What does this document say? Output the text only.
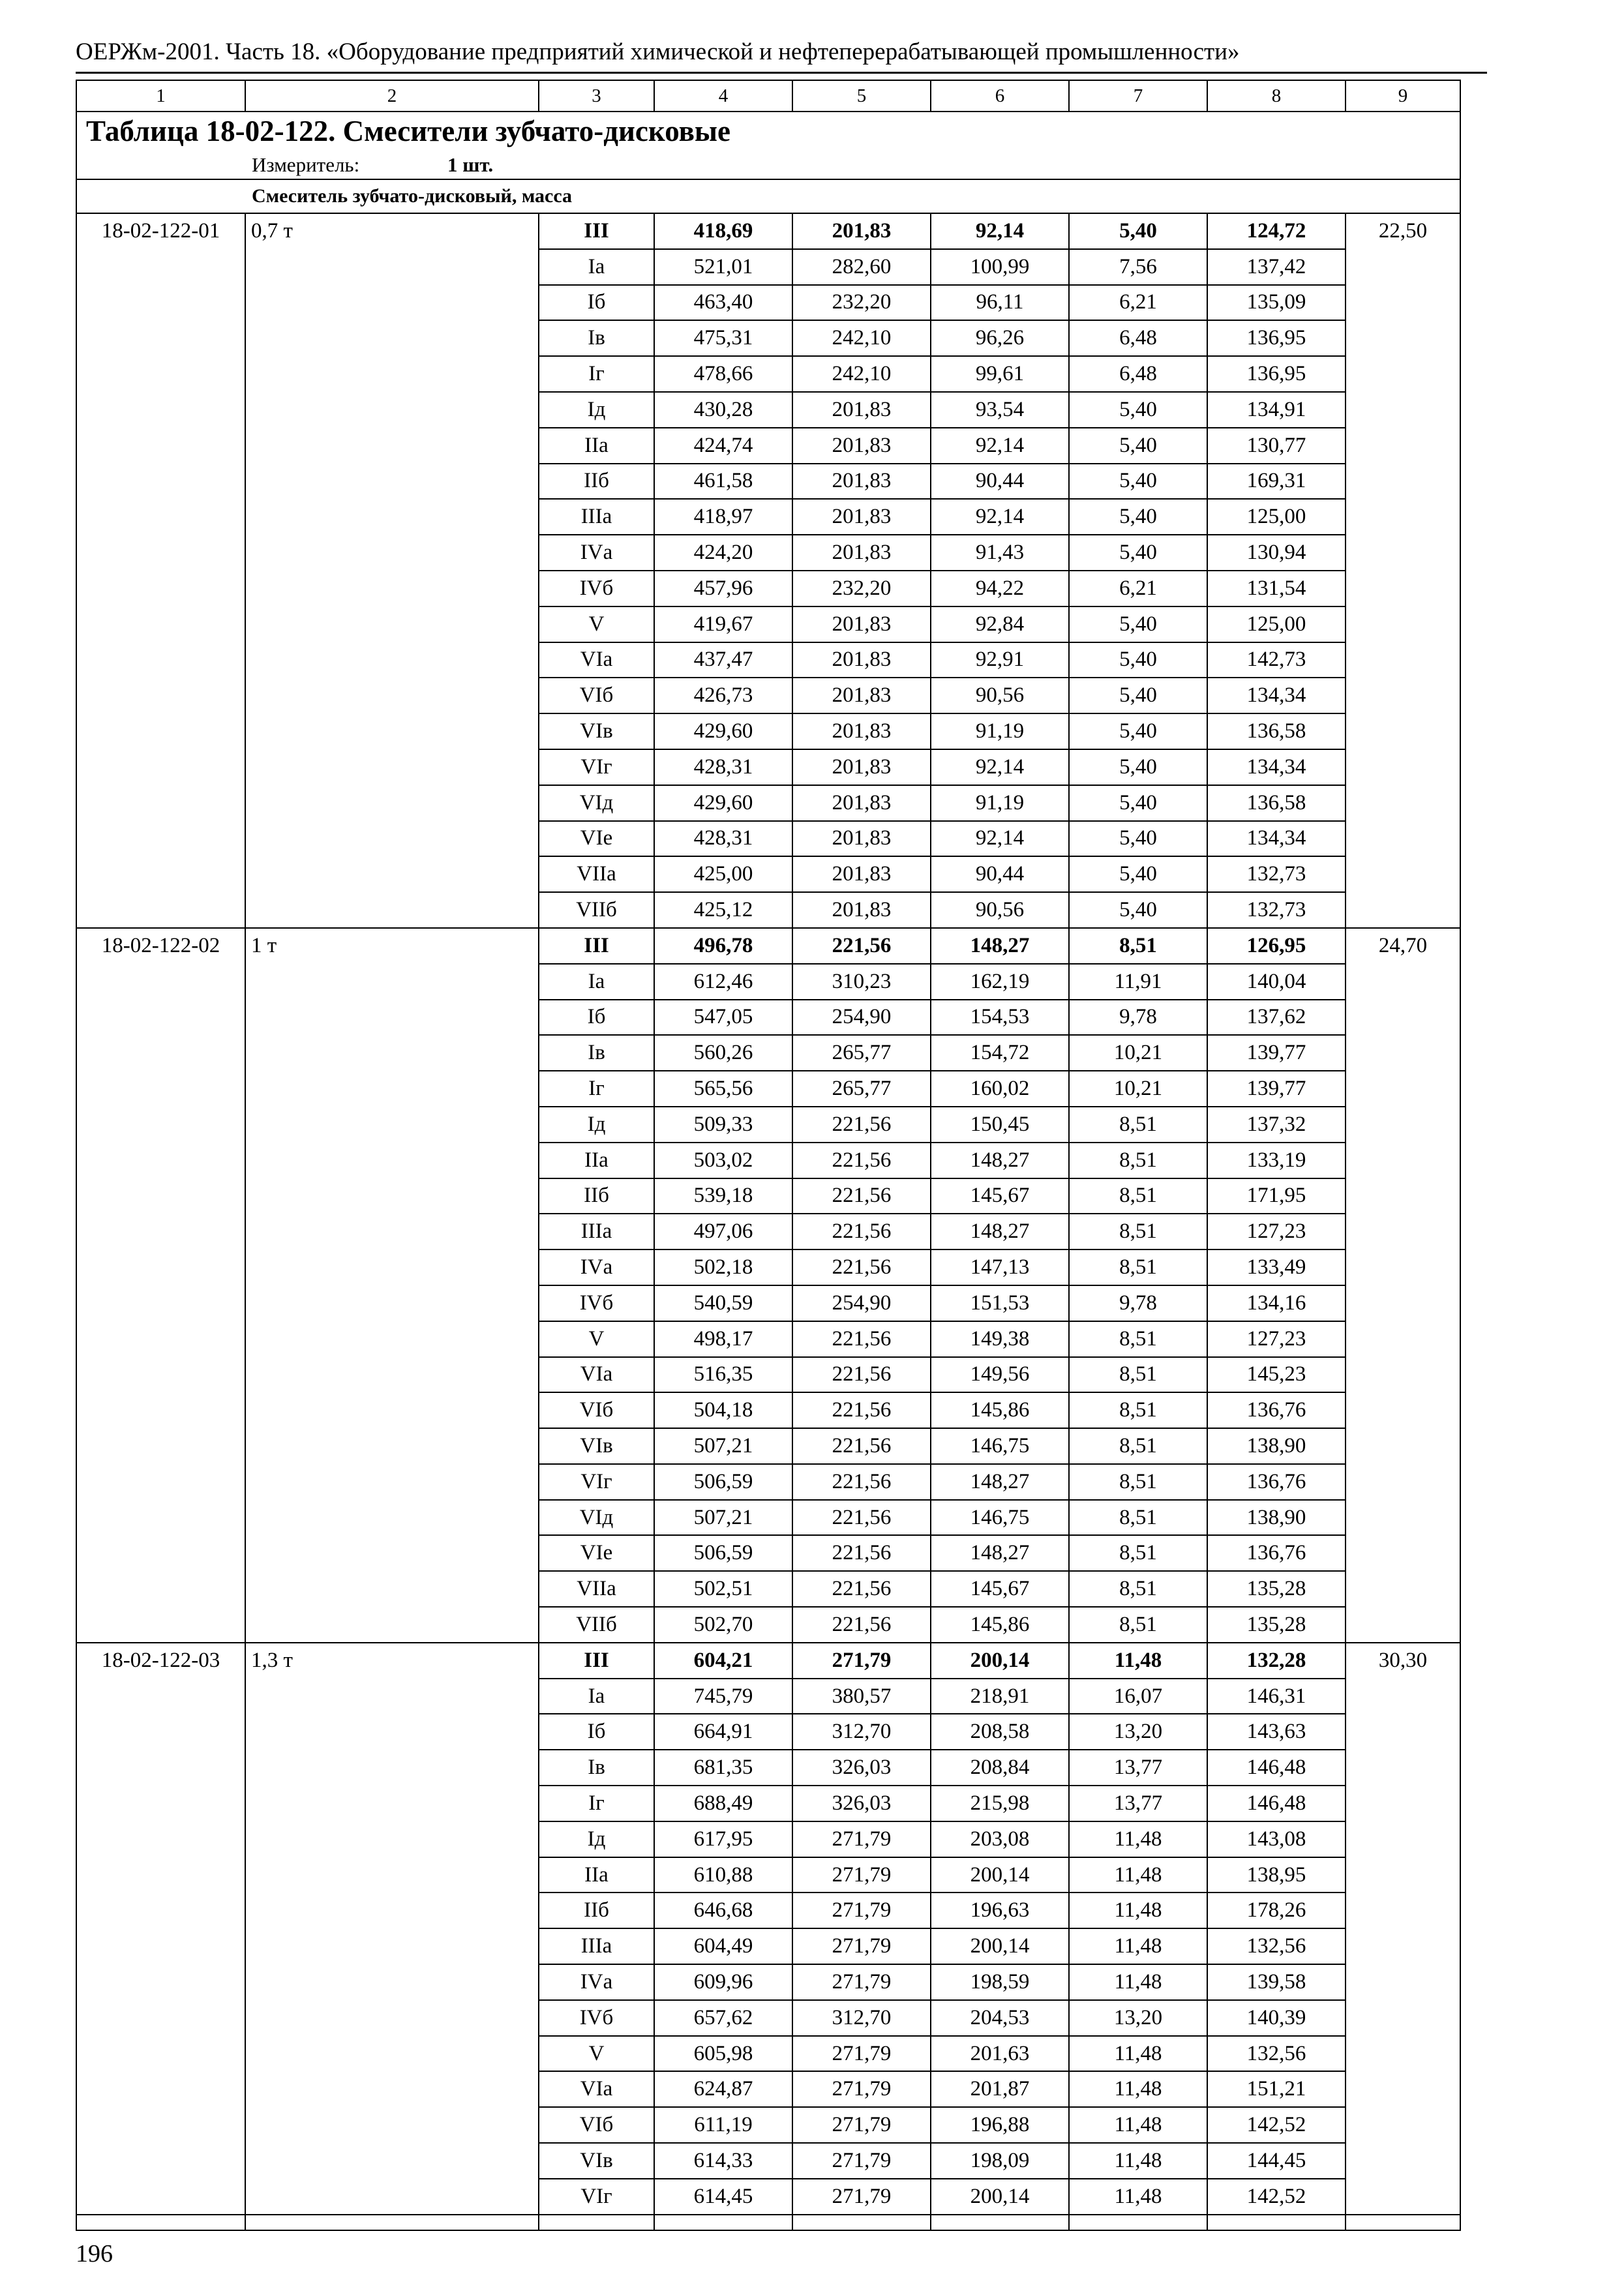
ОЕРЖм-2001. Часть 18. «Оборудование предприятий химической и нефтеперерабатывающей промышленности»
1	2	3	4	5	6	7	8	9
Таблица 18-02-122. Смесители зубчато-дисковые								
Измеритель: 1 шт.								
Смеситель зубчато-дисковый, масса								
18-02-122-01	0,7 т	III	418,69	201,83	92,14	5,40	124,72	22,50
		Iа	521,01	282,60	100,99	7,56	137,42	
		Iб	463,40	232,20	96,11	6,21	135,09	
		Iв	475,31	242,10	96,26	6,48	136,95	
		Iг	478,66	242,10	99,61	6,48	136,95	
		Iд	430,28	201,83	93,54	5,40	134,91	
		IIа	424,74	201,83	92,14	5,40	130,77	
		IIб	461,58	201,83	90,44	5,40	169,31	
		IIIа	418,97	201,83	92,14	5,40	125,00	
		IVа	424,20	201,83	91,43	5,40	130,94	
		IVб	457,96	232,20	94,22	6,21	131,54	
		V	419,67	201,83	92,84	5,40	125,00	
		VIа	437,47	201,83	92,91	5,40	142,73	
		VIб	426,73	201,83	90,56	5,40	134,34	
		VIв	429,60	201,83	91,19	5,40	136,58	
		VIг	428,31	201,83	92,14	5,40	134,34	
		VIд	429,60	201,83	91,19	5,40	136,58	
		VIе	428,31	201,83	92,14	5,40	134,34	
		VIIа	425,00	201,83	90,44	5,40	132,73	
		VIIб	425,12	201,83	90,56	5,40	132,73	
18-02-122-02	1 т	III	496,78	221,56	148,27	8,51	126,95	24,70
		Iа	612,46	310,23	162,19	11,91	140,04	
		Iб	547,05	254,90	154,53	9,78	137,62	
		Iв	560,26	265,77	154,72	10,21	139,77	
		Iг	565,56	265,77	160,02	10,21	139,77	
		Iд	509,33	221,56	150,45	8,51	137,32	
		IIа	503,02	221,56	148,27	8,51	133,19	
		IIб	539,18	221,56	145,67	8,51	171,95	
		IIIа	497,06	221,56	148,27	8,51	127,23	
		IVа	502,18	221,56	147,13	8,51	133,49	
		IVб	540,59	254,90	151,53	9,78	134,16	
		V	498,17	221,56	149,38	8,51	127,23	
		VIа	516,35	221,56	149,56	8,51	145,23	
		VIб	504,18	221,56	145,86	8,51	136,76	
		VIв	507,21	221,56	146,75	8,51	138,90	
		VIг	506,59	221,56	148,27	8,51	136,76	
		VIд	507,21	221,56	146,75	8,51	138,90	
		VIе	506,59	221,56	148,27	8,51	136,76	
		VIIа	502,51	221,56	145,67	8,51	135,28	
		VIIб	502,70	221,56	145,86	8,51	135,28	
18-02-122-03	1,3 т	III	604,21	271,79	200,14	11,48	132,28	30,30
		Iа	745,79	380,57	218,91	16,07	146,31	
		Iб	664,91	312,70	208,58	13,20	143,63	
		Iв	681,35	326,03	208,84	13,77	146,48	
		Iг	688,49	326,03	215,98	13,77	146,48	
		Iд	617,95	271,79	203,08	11,48	143,08	
		IIа	610,88	271,79	200,14	11,48	138,95	
		IIб	646,68	271,79	196,63	11,48	178,26	
		IIIа	604,49	271,79	200,14	11,48	132,56	
		IVа	609,96	271,79	198,59	11,48	139,58	
		IVб	657,62	312,70	204,53	13,20	140,39	
		V	605,98	271,79	201,63	11,48	132,56	
		VIа	624,87	271,79	201,87	11,48	151,21	
		VIб	611,19	271,79	196,88	11,48	142,52	
		VIв	614,33	271,79	198,09	11,48	144,45	
		VIг	614,45	271,79	200,14	11,48	142,52	

196
